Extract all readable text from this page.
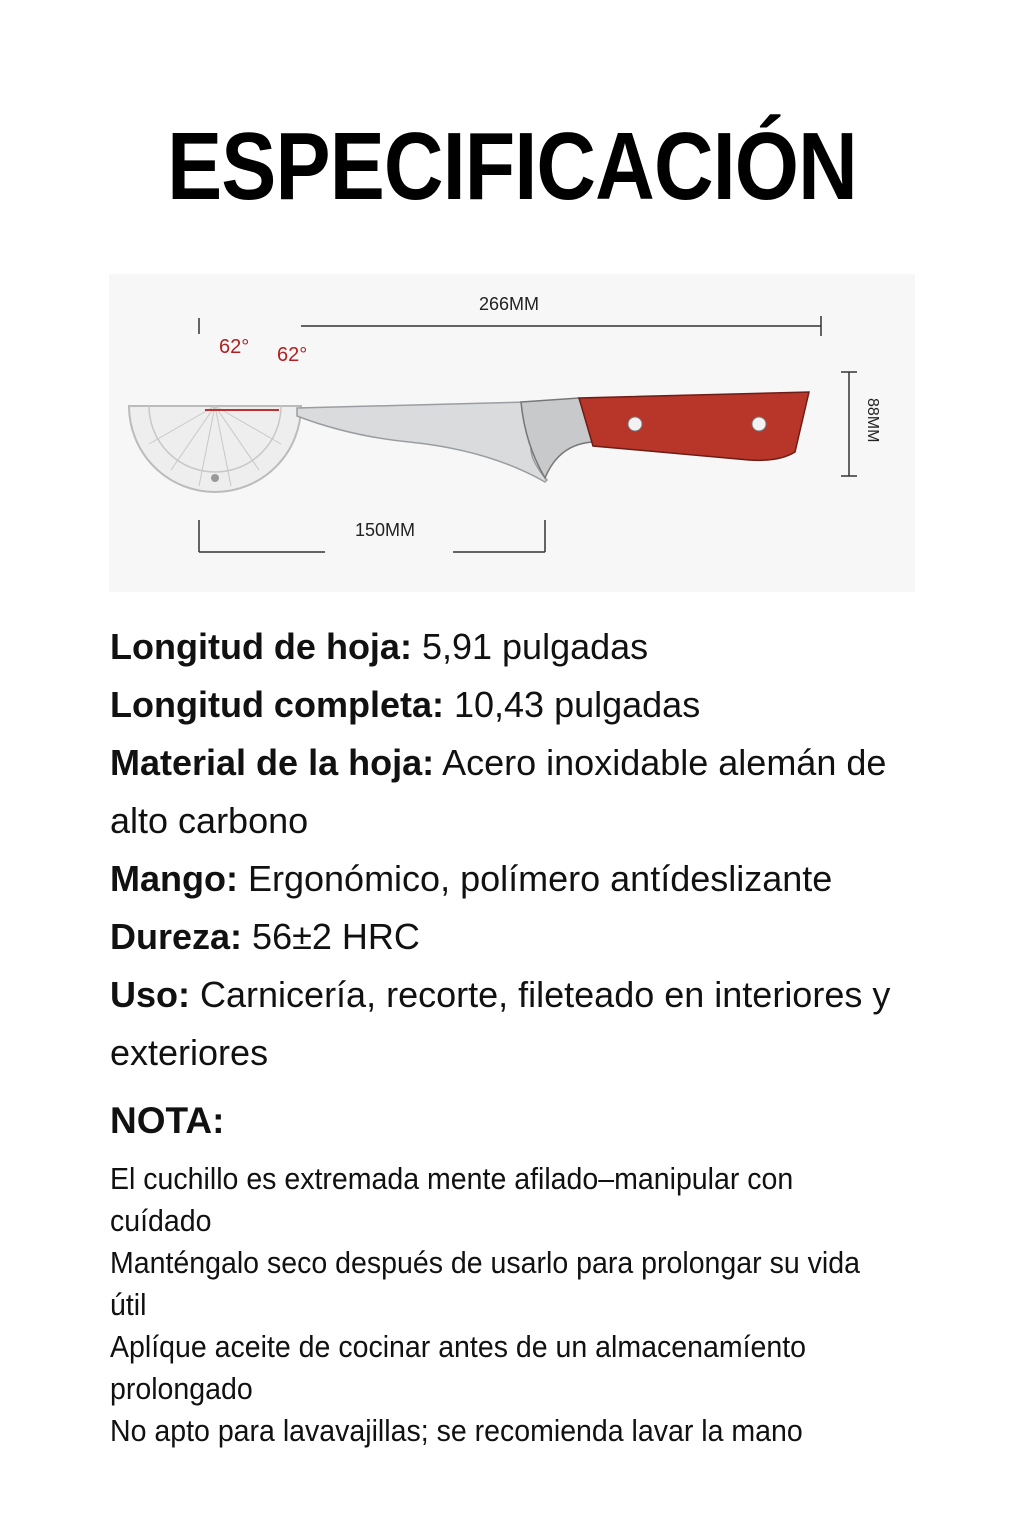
ESPECIFICACIÓN
266MM
62° 62°
88MM
150MM
Longitud de hoja: 5,91 pulgadas
Longitud completa: 10,43 pulgadas
Material de la hoja: Acero inoxidable alemán de alto carbono
Mango: Ergonómico, polímero antídeslizante
Dureza: 56±2 HRC
Uso: Carnicería, recorte, fileteado en interiores y exteriores
NOTA:
El cuchillo es extremada mente afilado–manipular con cuídado
Manténgalo seco después de usarlo para prolongar su vida útil
Aplíque aceite de cocinar antes de un almacenamíento prolongado
No apto para lavavajillas; se recomienda lavar la mano
